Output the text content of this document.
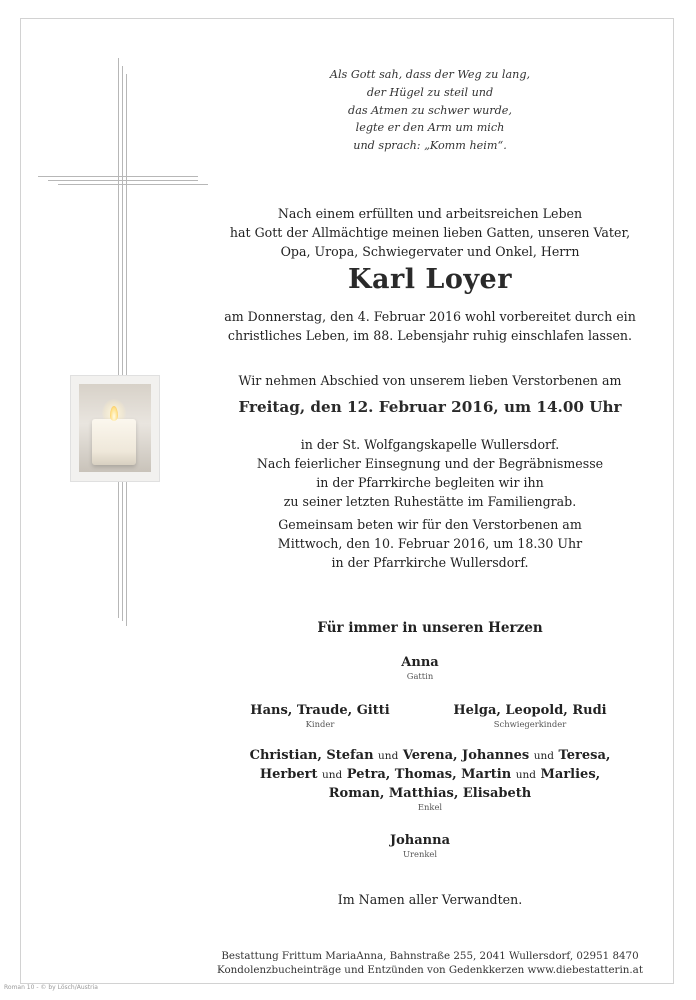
Als Gott sah, dass der Weg zu lang,
der Hügel zu steil und
das Atmen zu schwer wurde,
legte er den Arm um mich
und sprach: „Komm heim“.
Nach einem erfüllten und arbeitsreichen Leben
hat Gott der Allmächtige meinen lieben Gatten, unseren Vater,
Opa, Uropa, Schwiegervater und Onkel, Herrn
Karl Loyer
am Donnerstag, den 4. Februar 2016 wohl vorbereitet durch ein
christliches Leben, im 88. Lebensjahr ruhig einschlafen lassen.
Wir nehmen Abschied von unserem lieben Verstorbenen am
Freitag, den 12. Februar 2016, um 14.00 Uhr
in der St. Wolfgangskapelle Wullersdorf.
Nach feierlicher Einsegnung und der Begräbnismesse
in der Pfarrkirche begleiten wir ihn
zu seiner letzten Ruhestätte im Familiengrab.
Gemeinsam beten wir für den Verstorbenen am
Mittwoch, den 10. Februar 2016, um 18.30 Uhr
in der Pfarrkirche Wullersdorf.
Für immer in unseren Herzen
Anna
Gattin
Hans, Traude, Gitti
Kinder
Helga, Leopold, Rudi
Schwiegerkinder
Christian, Stefan und Verena, Johannes und Teresa,
Herbert und Petra, Thomas, Martin und Marlies,
Roman, Matthias, Elisabeth
Enkel
Johanna
Urenkel
Im Namen aller Verwandten.
Bestattung Frittum MariaAnna, Bahnstraße 255, 2041 Wullersdorf, 02951 8470
Kondolenzbucheinträge und Entzünden von Gedenkkerzen www.diebestatterin.at
Roman 10 - © by Lösch/Austria
